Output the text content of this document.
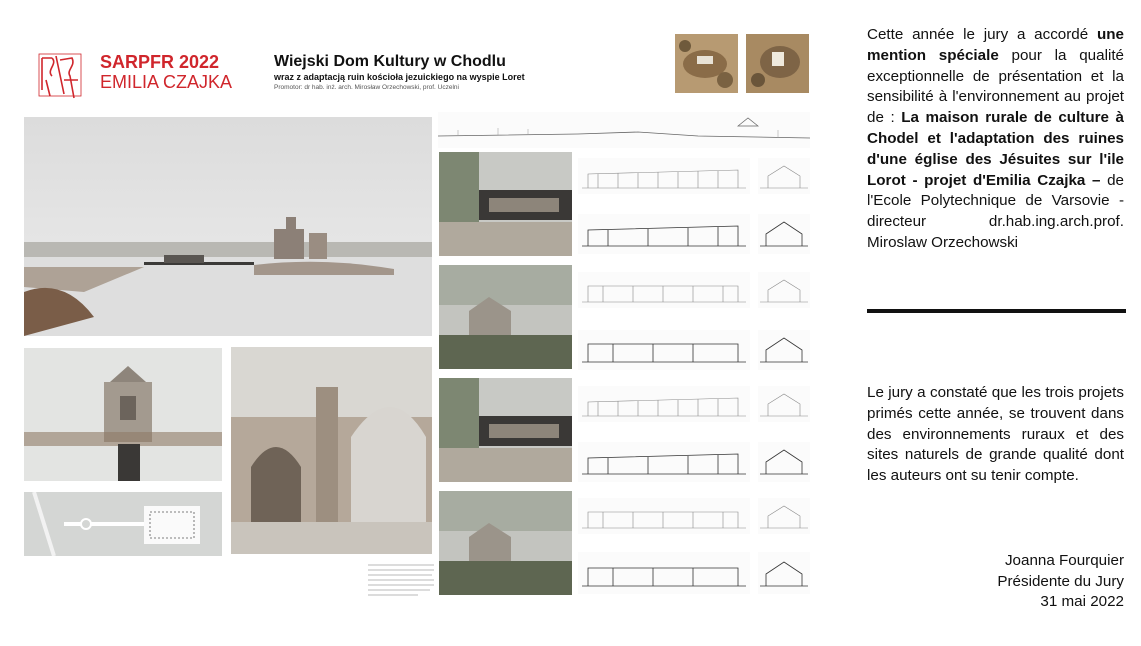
SARPFR 2022
EMILIA CZAJKA
Wiejski Dom Kultury w Chodlu
wraz z adaptacją ruin kościoła jezuickiego na wyspie Loret
Promotor: dr hab. inż. arch. Mirosław Orzechowski, prof. Uczelni
Cette année le jury a accordé une mention spéciale pour la qualité exceptionnelle de présentation et la sensibilité à l'environnement au projet de : La maison rurale de culture à Chodel et l'adaptation des ruines d'une église des Jésuites sur l'ile Lorot - projet d'Emilia Czajka – de l'Ecole Polytechnique de Varsovie - directeur dr.hab.ing.arch.prof. Miroslaw Orzechowski
Le jury a constaté que les trois projets primés cette année, se trouvent dans des environnements ruraux et des sites naturels de grande qualité dont les auteurs ont su tenir compte.
Joanna Fourquier
Présidente du Jury
31 mai 2022
